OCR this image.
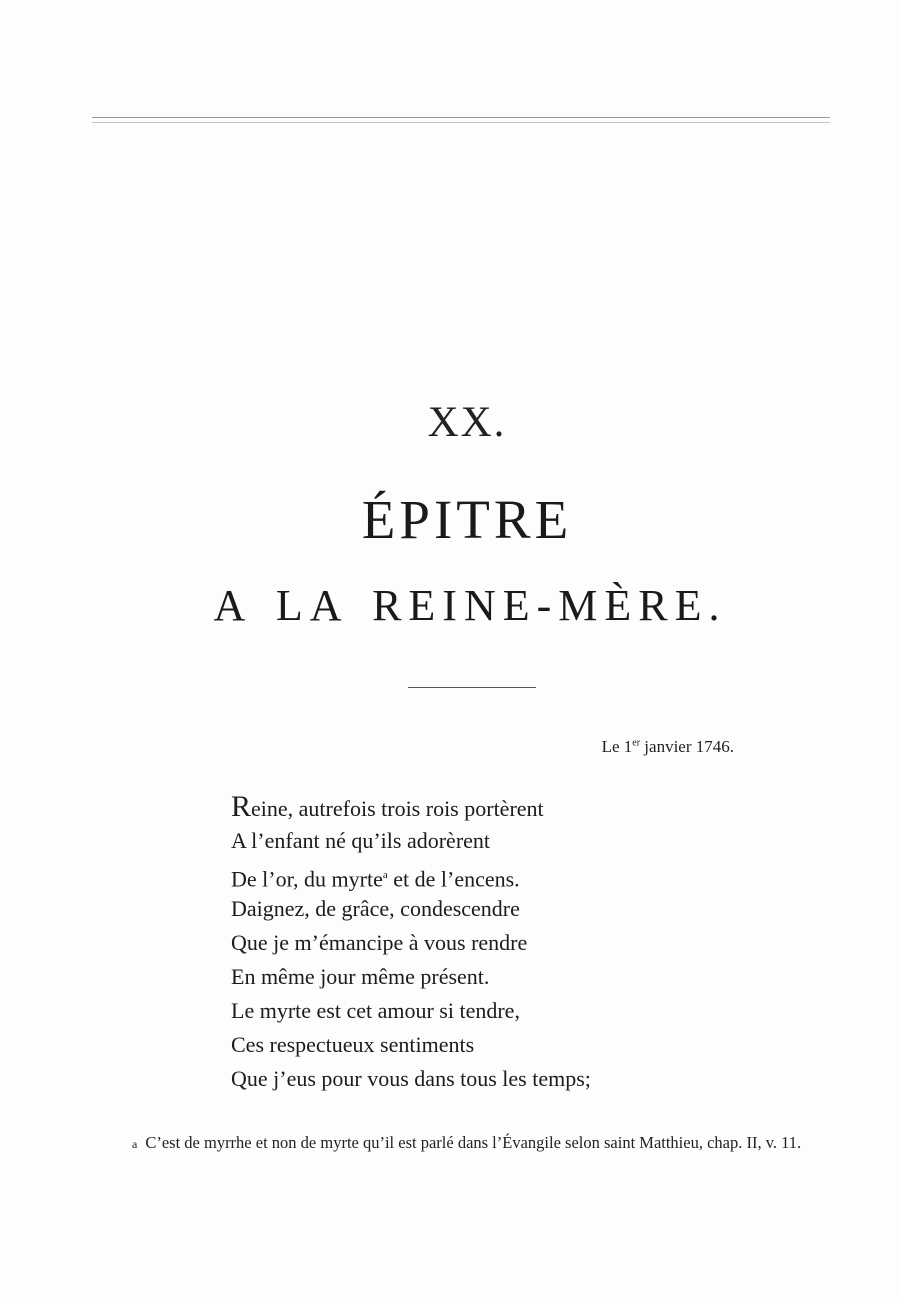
XX.
ÉPITRE
A LA REINE-MÈRE.
Le 1er janvier 1746.
Reine, autrefois trois rois portèrent
A l’enfant né qu’ils adorèrent
De l’or, du myrte$^a$ et de l’encens.
Daignez, de grâce, condescendre
Que je m’émancipe à vous rendre
En même jour même présent.
Le myrte est cet amour si tendre,
Ces respectueux sentiments
Que j’eus pour vous dans tous les temps;
a C’est de myrrhe et non de myrte qu’il est parlé dans l’Évangile selon saint Matthieu, chap. II, v. 11.
